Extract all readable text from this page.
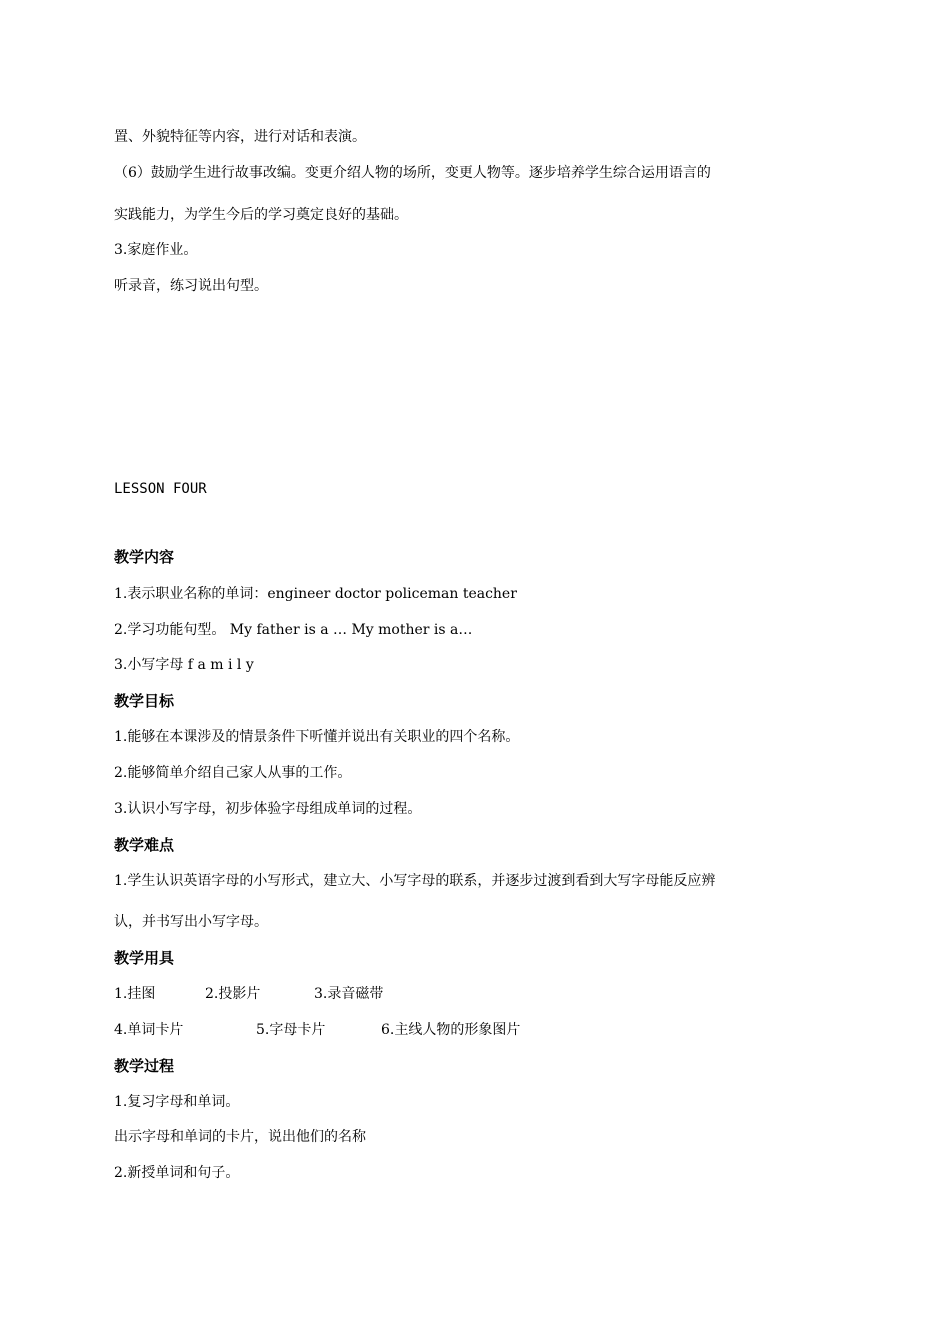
置、外貌特征等内容，进行对话和表演。
（6）鼓励学生进行故事改编。变更介绍人物的场所，变更人物等。逐步培养学生综合运用语言的
实践能力，为学生今后的学习奠定良好的基础。
3.家庭作业。
听录音，练习说出句型。
LESSON FOUR
教学内容
1.表示职业名称的单词：engineer doctor policeman teacher
2.学习功能句型。 My father is a … My mother is a…
3.小写字母 f a m i l y
教学目标
1.能够在本课涉及的情景条件下听懂并说出有关职业的四个名称。
2.能够简单介绍自己家人从事的工作。
3.认识小写字母，初步体验字母组成单词的过程。
教学难点
1.学生认识英语字母的小写形式，建立大、小写字母的联系，并逐步过渡到看到大写字母能反应辨
认，并书写出小写字母。
教学用具
1.挂图	2.投影片	3.录音磁带
4.单词卡片	5.字母卡片	6.主线人物的形象图片
教学过程
1.复习字母和单词。
出示字母和单词的卡片，说出他们的名称
2.新授单词和句子。
